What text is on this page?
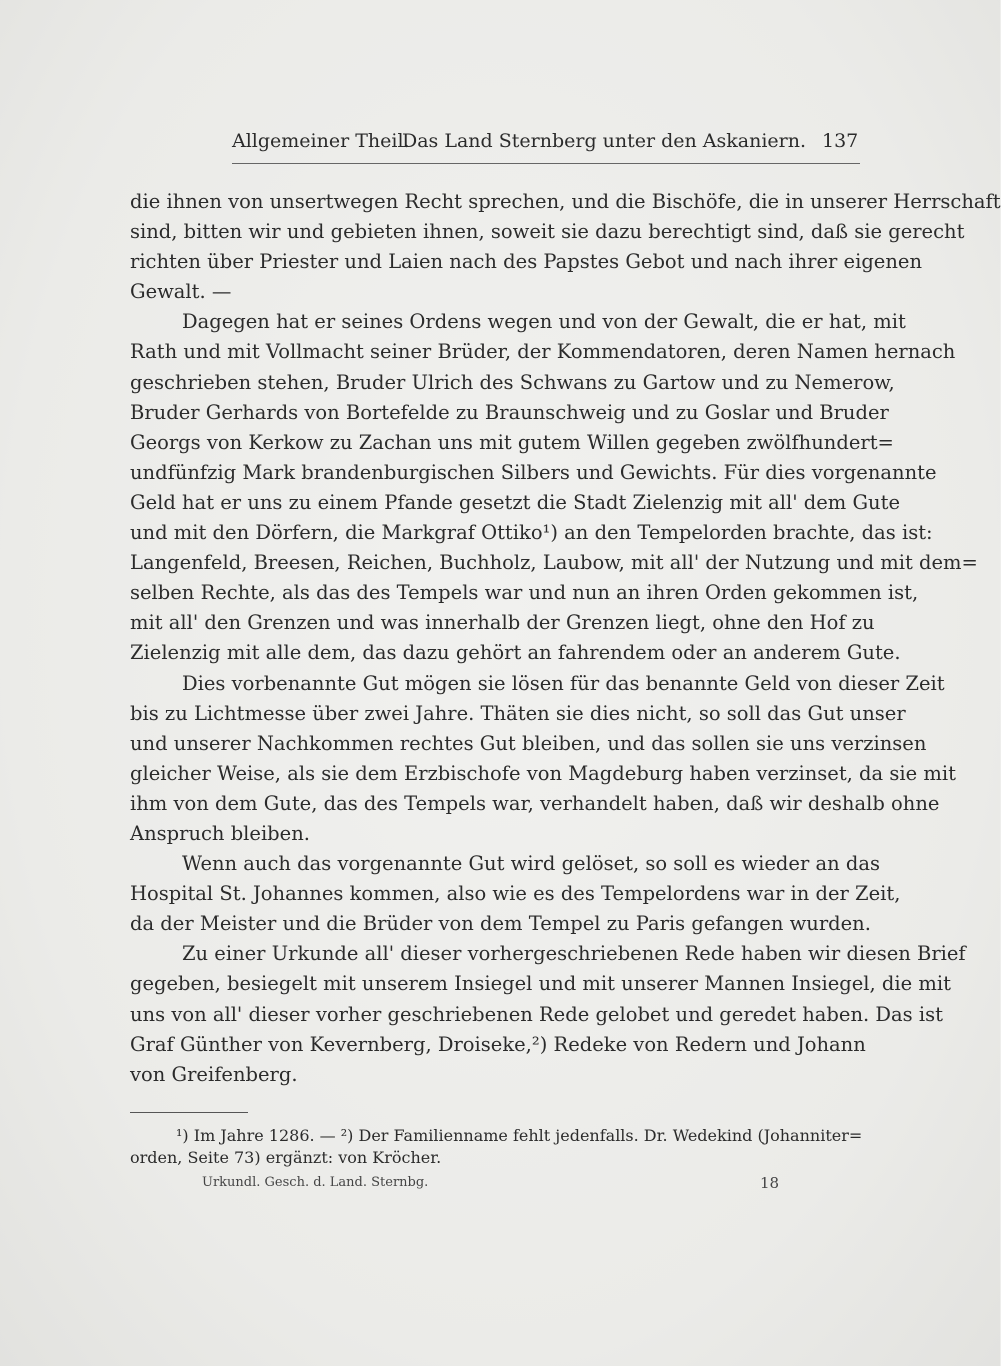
Allgemeiner Theil.
Das Land Sternberg unter den Askaniern. 137
die ihnen von unsertwegen Recht sprechen, und die Bischöfe, die in unserer Herrschaft
sind, bitten wir und gebieten ihnen, soweit sie dazu berechtigt sind, daß sie gerecht
richten über Priester und Laien nach des Papstes Gebot und nach ihrer eigenen
Gewalt. —
Dagegen hat er seines Ordens wegen und von der Gewalt, die er hat, mit
Rath und mit Vollmacht seiner Brüder, der Kommendatoren, deren Namen hernach
geschrieben stehen, Bruder Ulrich des Schwans zu Gartow und zu Nemerow,
Bruder Gerhards von Bortefelde zu Braunschweig und zu Goslar und Bruder
Georgs von Kerkow zu Zachan uns mit gutem Willen gegeben zwölfhundert=
undfünfzig Mark brandenburgischen Silbers und Gewichts. Für dies vorgenannte
Geld hat er uns zu einem Pfande gesetzt die Stadt Zielenzig mit all' dem Gute
und mit den Dörfern, die Markgraf Ottiko¹) an den Tempelorden brachte, das ist:
Langenfeld, Breesen, Reichen, Buchholz, Laubow, mit all' der Nutzung und mit dem=
selben Rechte, als das des Tempels war und nun an ihren Orden gekommen ist,
mit all' den Grenzen und was innerhalb der Grenzen liegt, ohne den Hof zu
Zielenzig mit alle dem, das dazu gehört an fahrendem oder an anderem Gute.
Dies vorbenannte Gut mögen sie lösen für das benannte Geld von dieser Zeit
bis zu Lichtmesse über zwei Jahre. Thäten sie dies nicht, so soll das Gut unser
und unserer Nachkommen rechtes Gut bleiben, und das sollen sie uns verzinsen
gleicher Weise, als sie dem Erzbischofe von Magdeburg haben verzinset, da sie mit
ihm von dem Gute, das des Tempels war, verhandelt haben, daß wir deshalb ohne
Anspruch bleiben.
Wenn auch das vorgenannte Gut wird gelöset, so soll es wieder an das
Hospital St. Johannes kommen, also wie es des Tempelordens war in der Zeit,
da der Meister und die Brüder von dem Tempel zu Paris gefangen wurden.
Zu einer Urkunde all' dieser vorhergeschriebenen Rede haben wir diesen Brief
gegeben, besiegelt mit unserem Insiegel und mit unserer Mannen Insiegel, die mit
uns von all' dieser vorher geschriebenen Rede gelobet und geredet haben. Das ist
Graf Günther von Kevernberg, Droiseke,²) Redeke von Redern und Johann
von Greifenberg.
¹) Im Jahre 1286. — ²) Der Familienname fehlt jedenfalls. Dr. Wedekind (Johanniter=
orden, Seite 73) ergänzt: von Kröcher.
Urkundl. Gesch. d. Land. Sternbg.	18
